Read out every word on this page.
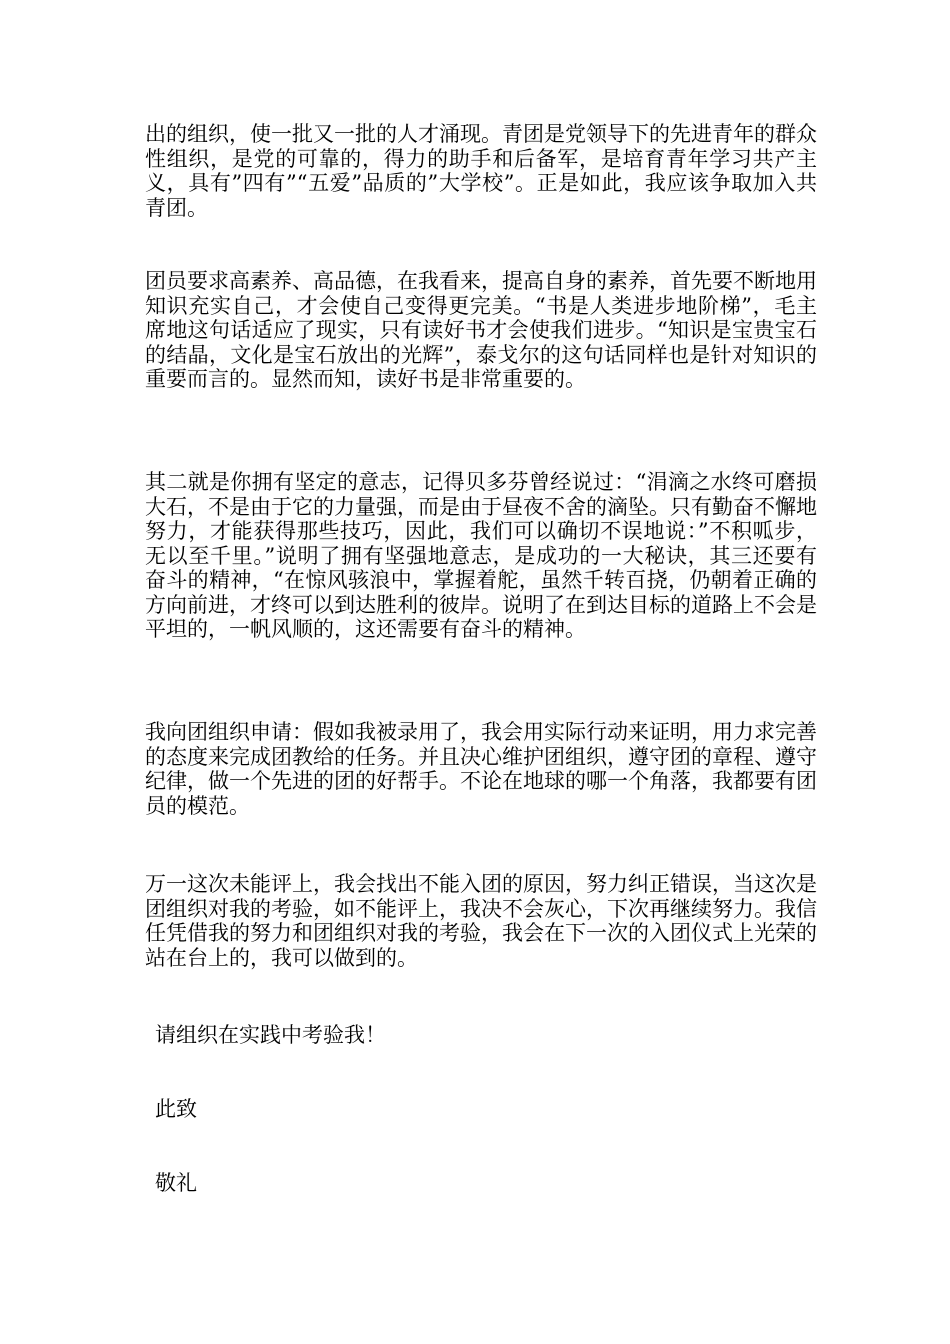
出的组织，使一批又一批的人才涌现。青团是党领导下的先进青年的群众性组织，是党的可靠的，得力的助手和后备军，是培育青年学习共产主义，具有”四有”“五爱”品质的”大学校”。正是如此，我应该争取加入共青团。

团员要求高素养、高品德，在我看来，提高自身的素养，首先要不断地用知识充实自己，才会使自己变得更完美。“书是人类进步地阶梯”，毛主席地这句话适应了现实，只有读好书才会使我们进步。“知识是宝贵宝石的结晶，文化是宝石放出的光辉”，泰戈尔的这句话同样也是针对知识的重要而言的。显然而知，读好书是非常重要的。

其二就是你拥有坚定的意志，记得贝多芬曾经说过：“涓滴之水终可磨损大石，不是由于它的力量强，而是由于昼夜不舍的滴坠。只有勤奋不懈地努力，才能获得那些技巧，因此，我们可以确切不误地说：”不积呱步，无以至千里。”说明了拥有坚强地意志，是成功的一大秘诀，其三还要有奋斗的精神，“在惊风骇浪中，掌握着舵，虽然千转百挠，仍朝着正确的方向前进，才终可以到达胜利的彼岸。说明了在到达目标的道路上不会是平坦的，一帆风顺的，这还需要有奋斗的精神。

我向团组织申请：假如我被录用了，我会用实际行动来证明，用力求完善的态度来完成团教给的任务。并且决心维护团组织，遵守团的章程、遵守纪律，做一个先进的团的好帮手。不论在地球的哪一个角落，我都要有团员的模范。

万一这次未能评上，我会找出不能入团的原因，努力纠正错误，当这次是团组织对我的考验，如不能评上，我决不会灰心，下次再继续努力。我信任凭借我的努力和团组织对我的考验，我会在下一次的入团仪式上光荣的站在台上的，我可以做到的。

请组织在实践中考验我！

此致

敬礼
